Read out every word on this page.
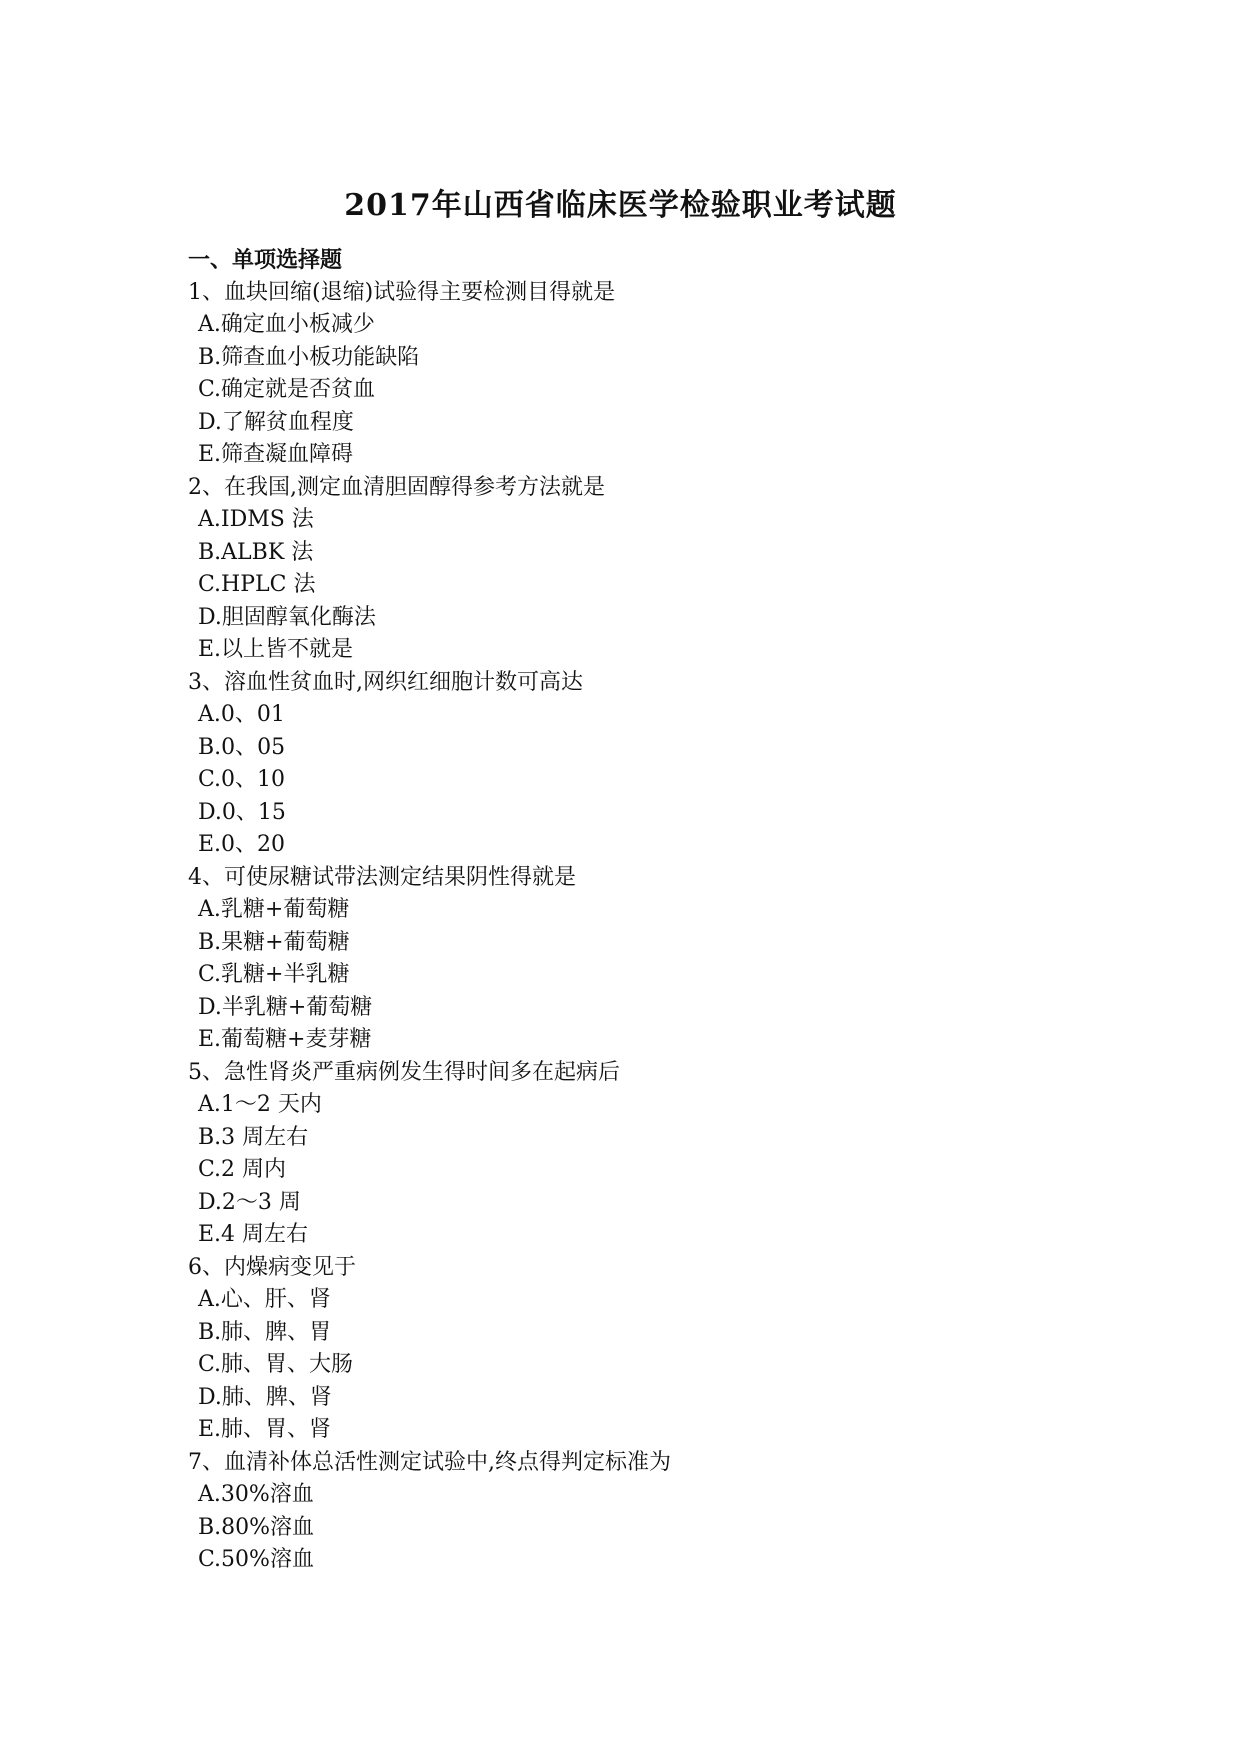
2017年山西省临床医学检验职业考试题
一、单项选择题
1、血块回缩(退缩)试验得主要检测目得就是
A.确定血小板减少
B.筛查血小板功能缺陷
C.确定就是否贫血
D.了解贫血程度
E.筛查凝血障碍
2、在我国,测定血清胆固醇得参考方法就是
A.IDMS 法
B.ALBK 法
C.HPLC 法
D.胆固醇氧化酶法
E.以上皆不就是
3、溶血性贫血时,网织红细胞计数可高达
A.0、01
B.0、05
C.0、10
D.0、15
E.0、20
4、可使尿糖试带法测定结果阴性得就是
A.乳糖+葡萄糖
B.果糖+葡萄糖
C.乳糖+半乳糖
D.半乳糖+葡萄糖
E.葡萄糖+麦芽糖
5、急性肾炎严重病例发生得时间多在起病后
A.1～2 天内
B.3 周左右
C.2 周内
D.2～3 周
E.4 周左右
6、内燥病变见于
A.心、肝、肾
B.肺、脾、胃
C.肺、胃、大肠
D.肺、脾、肾
E.肺、胃、肾
7、血清补体总活性测定试验中,终点得判定标准为
A.30%溶血
B.80%溶血
C.50%溶血
